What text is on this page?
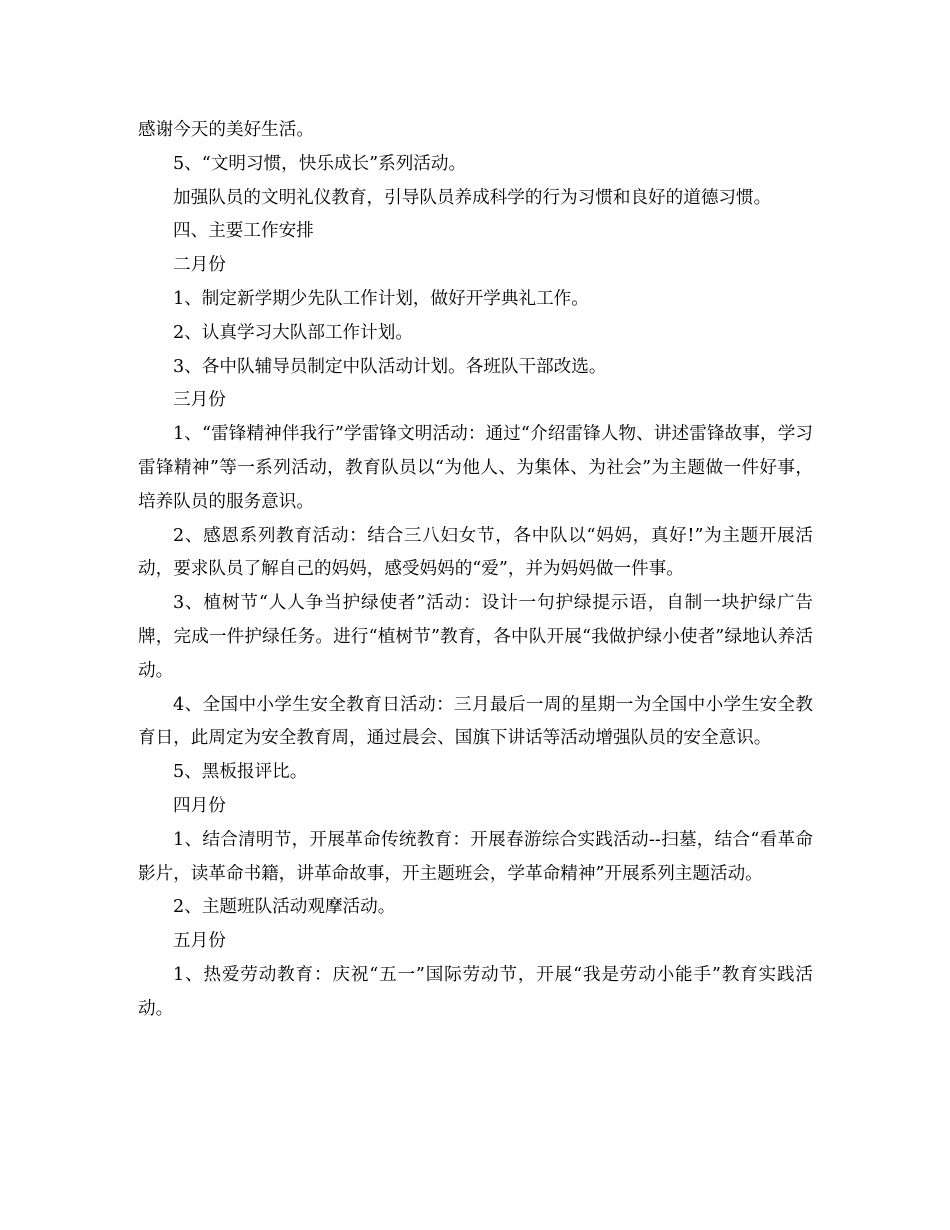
感谢今天的美好生活。

5、“文明习惯，快乐成长”系列活动。

加强队员的文明礼仪教育，引导队员养成科学的行为习惯和良好的道德习惯。

四、主要工作安排

二月份

1、制定新学期少先队工作计划，做好开学典礼工作。

2、认真学习大队部工作计划。

3、各中队辅导员制定中队活动计划。各班队干部改选。

三月份

1、“雷锋精神伴我行”学雷锋文明活动：通过“介绍雷锋人物、讲述雷锋故事，学习雷锋精神”等一系列活动，教育队员以“为他人、为集体、为社会”为主题做一件好事，培养队员的服务意识。

2、感恩系列教育活动：结合三八妇女节，各中队以“妈妈，真好!”为主题开展活动，要求队员了解自己的妈妈，感受妈妈的“爱”，并为妈妈做一件事。

3、植树节“人人争当护绿使者”活动：设计一句护绿提示语，自制一块护绿广告牌，完成一件护绿任务。进行“植树节”教育，各中队开展“我做护绿小使者”绿地认养活动。

4、全国中小学生安全教育日活动：三月最后一周的星期一为全国中小学生安全教育日，此周定为安全教育周，通过晨会、国旗下讲话等活动增强队员的安全意识。

5、黑板报评比。

四月份

1、结合清明节，开展革命传统教育：开展春游综合实践活动--扫墓，结合“看革命影片，读革命书籍，讲革命故事，开主题班会，学革命精神”开展系列主题活动。

2、主题班队活动观摩活动。

五月份

1、热爱劳动教育：庆祝“五一”国际劳动节，开展“我是劳动小能手”教育实践活动。
